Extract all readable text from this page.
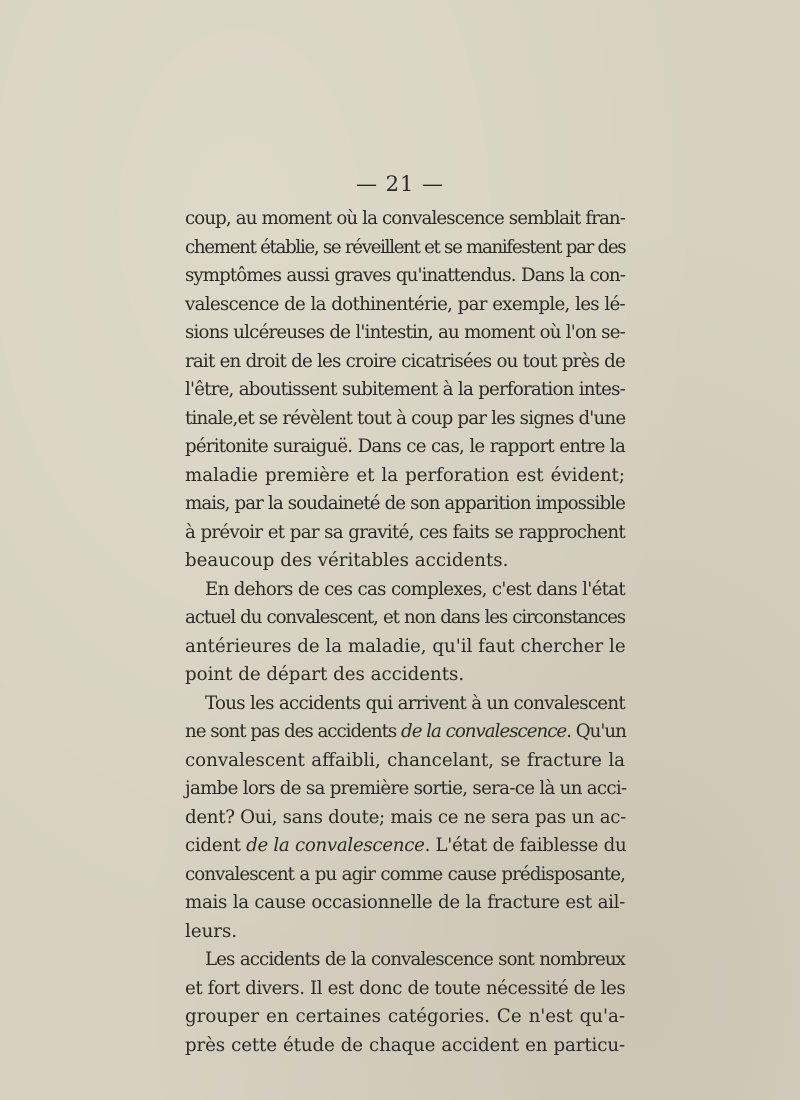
— 21 —
coup, au moment où la convalescence semblait fran-
chement établie, se réveillent et se manifestent par des
symptômes aussi graves qu'inattendus. Dans la con-
valescence de la dothinentérie, par exemple, les lé-
sions ulcéreuses de l'intestin, au moment où l'on se-
rait en droit de les croire cicatrisées ou tout près de
l'être, aboutissent subitement à la perforation intes-
tinale,et se révèlent tout à coup par les signes d'une
péritonite suraiguë. Dans ce cas, le rapport entre la
maladie première et la perforation est évident;
mais, par la soudaineté de son apparition impossible
à prévoir et par sa gravité, ces faits se rapprochent
beaucoup des véritables accidents.
En dehors de ces cas complexes, c'est dans l'état
actuel du convalescent, et non dans les circonstances
antérieures de la maladie, qu'il faut chercher le
point de départ des accidents.
Tous les accidents qui arrivent à un convalescent
ne sont pas des accidents de la convalescence. Qu'un
convalescent affaibli, chancelant, se fracture la
jambe lors de sa première sortie, sera-ce là un acci-
dent? Oui, sans doute; mais ce ne sera pas un ac-
cident de la convalescence. L'état de faiblesse du
convalescent a pu agir comme cause prédisposante,
mais la cause occasionnelle de la fracture est ail-
leurs.
Les accidents de la convalescence sont nombreux
et fort divers. Il est donc de toute nécessité de les
grouper en certaines catégories. Ce n'est qu'a-
près cette étude de chaque accident en particu-
